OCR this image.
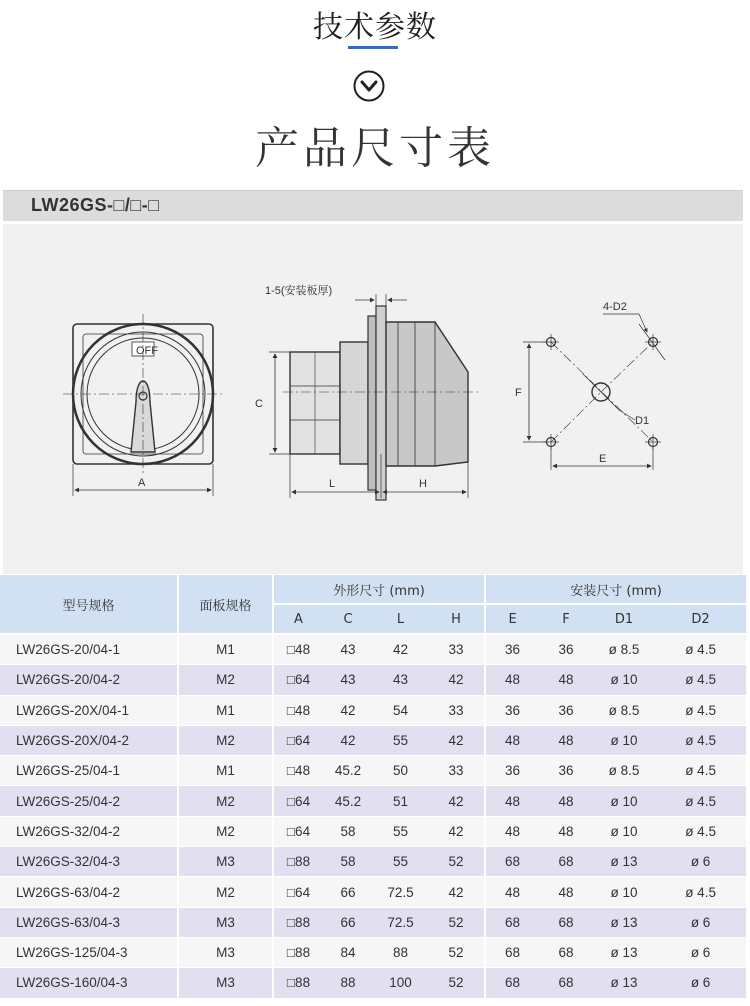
技术参数
产品尺寸表
LW26GS-□/□-□
OFF
A
C
L	H
1-5(安装板厚)
F
E
4-D2
D1
型号规格	面板规格	外形尺寸 (mm)				安装尺寸 (mm)			
		A	C	L	H	E	F	D1	D2
LW26GS-20/04-1	M1	□48	43	42	33	36	36	ø 8.5	ø 4.5
LW26GS-20/04-2	M2	□64	43	43	42	48	48	ø 10	ø 4.5
LW26GS-20X/04-1	M1	□48	42	54	33	36	36	ø 8.5	ø 4.5
LW26GS-20X/04-2	M2	□64	42	55	42	48	48	ø 10	ø 4.5
LW26GS-25/04-1	M1	□48	45.2	50	33	36	36	ø 8.5	ø 4.5
LW26GS-25/04-2	M2	□64	45.2	51	42	48	48	ø 10	ø 4.5
LW26GS-32/04-2	M2	□64	58	55	42	48	48	ø 10	ø 4.5
LW26GS-32/04-3	M3	□88	58	55	52	68	68	ø 13	ø 6
LW26GS-63/04-2	M2	□64	66	72.5	42	48	48	ø 10	ø 4.5
LW26GS-63/04-3	M3	□88	66	72.5	52	68	68	ø 13	ø 6
LW26GS-125/04-3	M3	□88	84	88	52	68	68	ø 13	ø 6
LW26GS-160/04-3	M3	□88	88	100	52	68	68	ø 13	ø 6
